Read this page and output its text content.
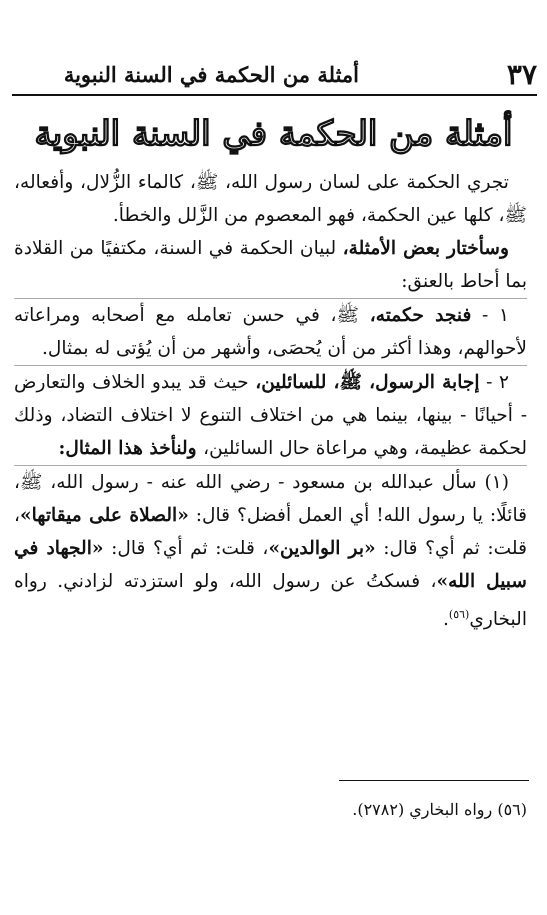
٣٧
أمثلة من الحكمة في السنة النبوية
أمثلة من الحكمة في السنة النبوية

تجري الحكمة على لسان رسول الله، ﷺ، كالماء الزُّلال، وأفعاله، ﷺ، كلها عين الحكمة، فهو المعصوم من الزَّلل والخطأ.

وسأختار بعض الأمثلة، لبيان الحكمة في السنة، مكتفيًا من القلادة بما أحاط بالعنق:

١ - فنجد حكمته، ﷺ، في حسن تعامله مع أصحابه ومراعاته لأحوالهم، وهذا أكثر من أن يُحصَى، وأشهر من أن يُؤتى له بمثال.

٢ - إجابة الرسول، ﷺ، للسائلين، حيث قد يبدو الخلاف والتعارض - أحيانًا - بينها، بينما هي من اختلاف التنوع لا اختلاف التضاد، وذلك لحكمة عظيمة، وهي مراعاة حال السائلين، ولنأخذ هذا المثال:

(١) سأل عبدالله بن مسعود - رضي الله عنه - رسول الله، ﷺ، قائلًا: يا رسول الله! أي العمل أفضل؟ قال: «الصلاة على ميقاتها»، قلت: ثم أي؟ قال: «بر الوالدين»، قلت: ثم أي؟ قال: «الجهاد في سبيل الله»، فسكتُ عن رسول الله، ولو استزدته لزادني. رواه البخاري$^{(٥٦)}$.

(٥٦) رواه البخاري (٢٧٨٢).
